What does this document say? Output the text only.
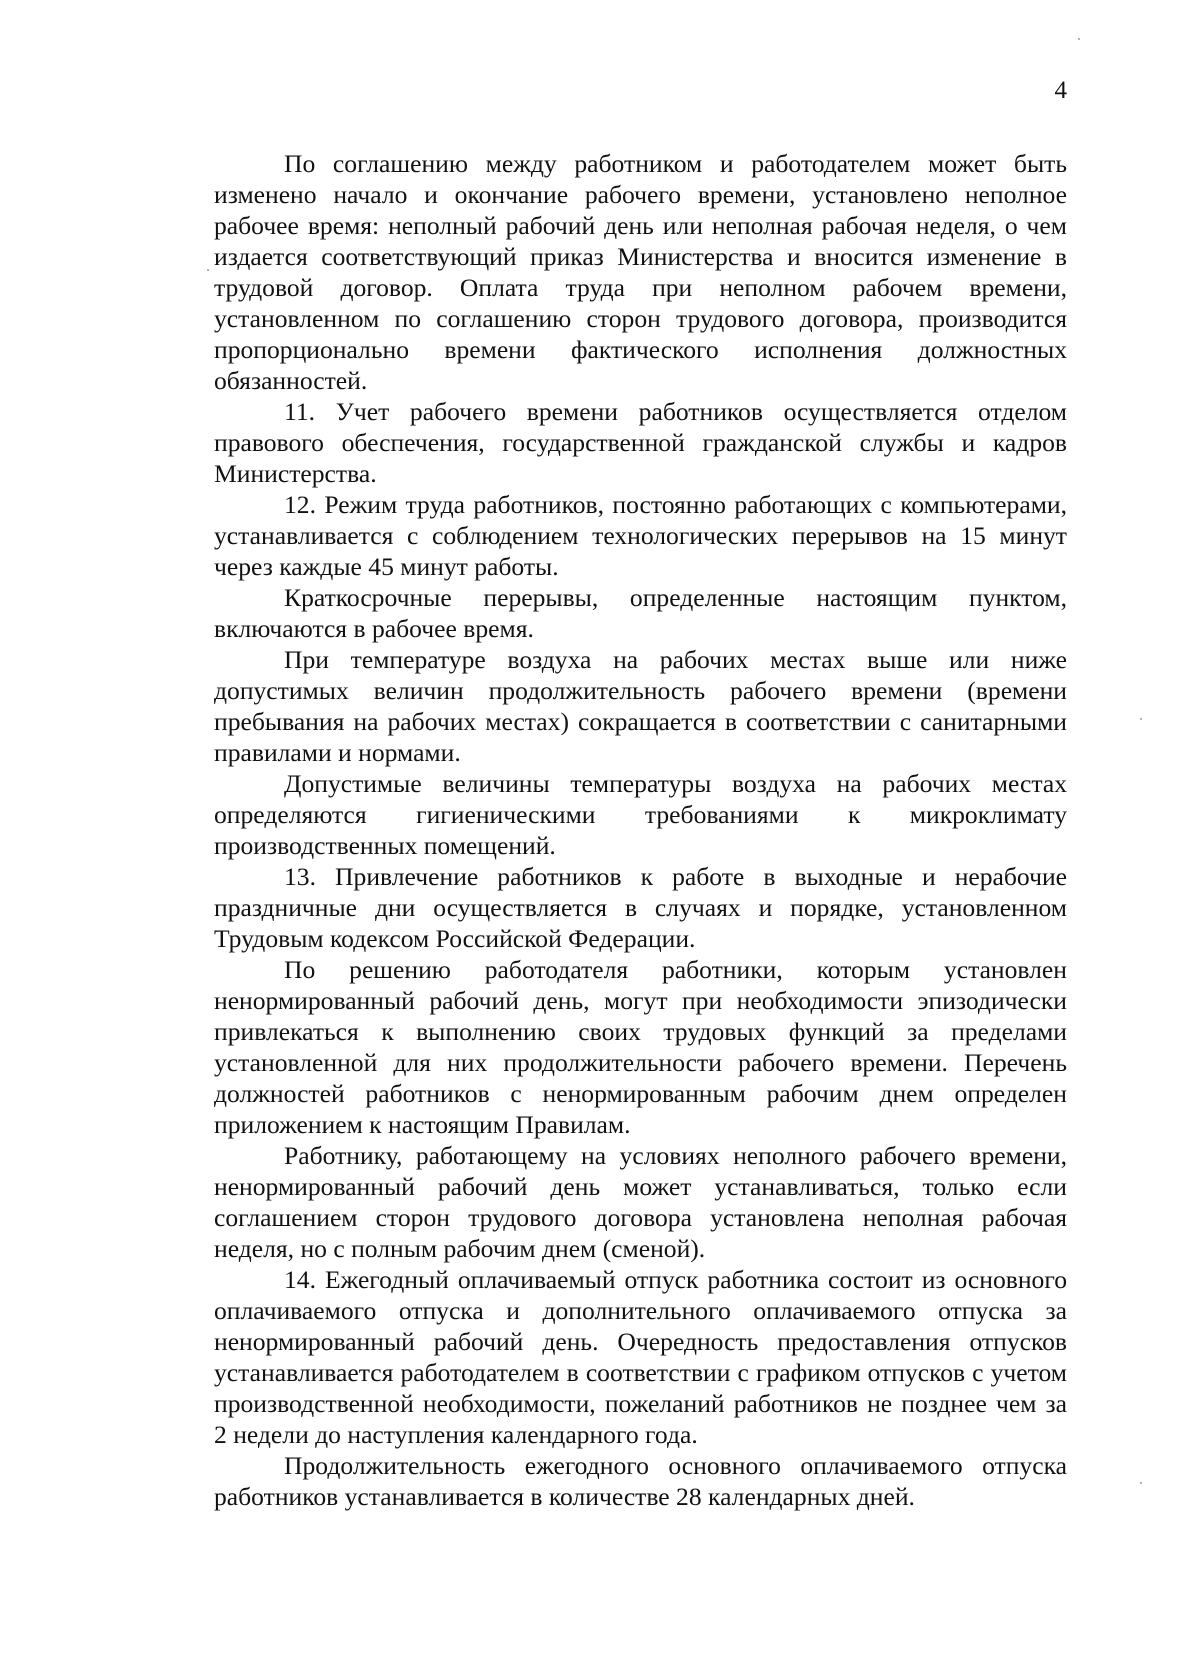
4

По соглашению между работником и работодателем может быть изменено начало и окончание рабочего времени, установлено неполное рабочее время: неполный рабочий день или неполная рабочая неделя, о чем издается соответствующий приказ Министерства и вносится изменение в трудовой договор. Оплата труда при неполном рабочем времени, установленном по соглашению сторон трудового договора, производится пропорционально времени фактического исполнения должностных обязанностей.

11. Учет рабочего времени работников осуществляется отделом правового обеспечения, государственной гражданской службы и кадров Министерства.

12. Режим труда работников, постоянно работающих с компьютерами, устанавливается с соблюдением технологических перерывов на 15 минут через каждые 45 минут работы.

Краткосрочные перерывы, определенные настоящим пунктом, включаются в рабочее время.

При температуре воздуха на рабочих местах выше или ниже допустимых величин продолжительность рабочего времени (времени пребывания на рабочих местах) сокращается в соответствии с санитарными правилами и нормами.

Допустимые величины температуры воздуха на рабочих местах определяются гигиеническими требованиями к микроклимату производственных помещений.

13. Привлечение работников к работе в выходные и нерабочие праздничные дни осуществляется в случаях и порядке, установленном Трудовым кодексом Российской Федерации.

По решению работодателя работники, которым установлен ненормированный рабочий день, могут при необходимости эпизодически привлекаться к выполнению своих трудовых функций за пределами установленной для них продолжительности рабочего времени. Перечень должностей работников с ненормированным рабочим днем определен приложением к настоящим Правилам.

Работнику, работающему на условиях неполного рабочего времени, ненормированный рабочий день может устанавливаться, только если соглашением сторон трудового договора установлена неполная рабочая неделя, но с полным рабочим днем (сменой).

14. Ежегодный оплачиваемый отпуск работника состоит из основного оплачиваемого отпуска и дополнительного оплачиваемого отпуска за ненормированный рабочий день. Очередность предоставления отпусков устанавливается работодателем в соответствии с графиком отпусков с учетом производственной необходимости, пожеланий работников не позднее чем за 2 недели до наступления календарного года.

Продолжительность ежегодного основного оплачиваемого отпуска работников устанавливается в количестве 28 календарных дней.
